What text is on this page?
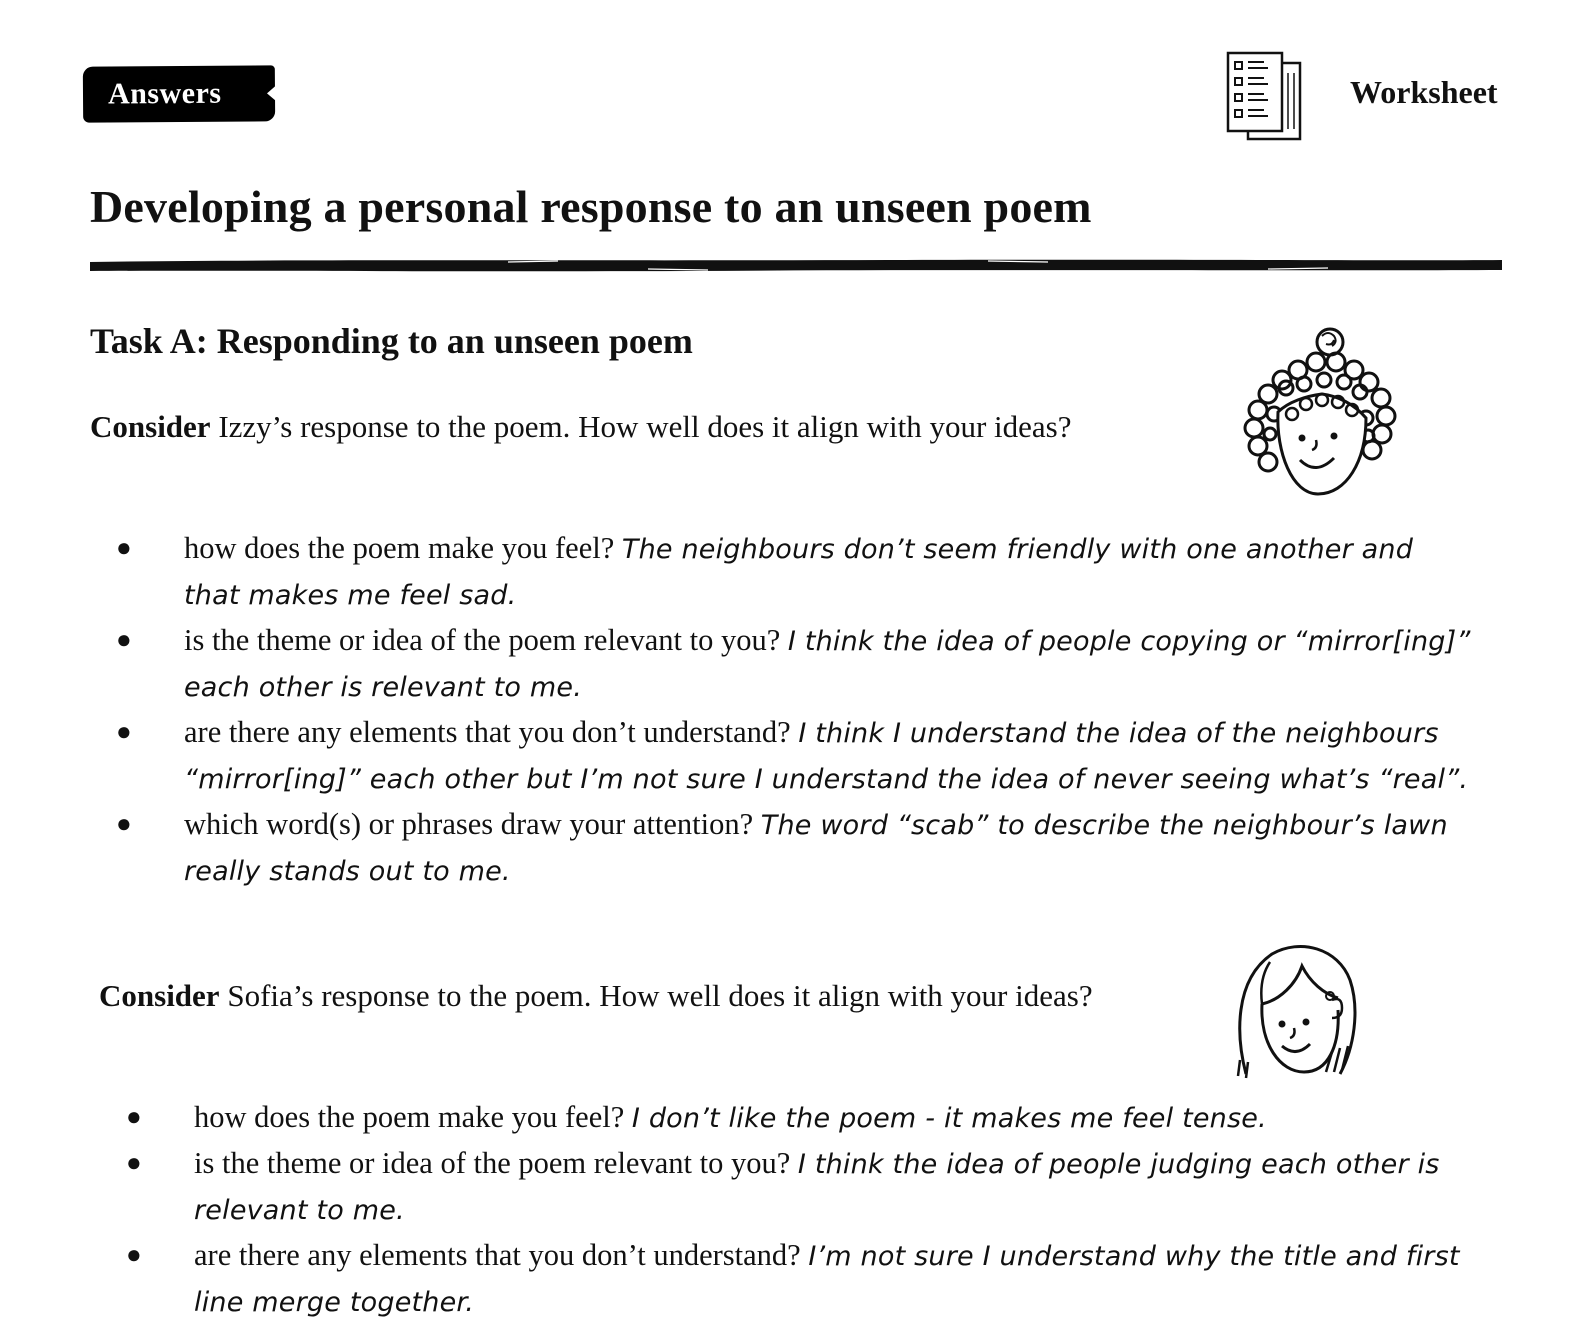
Answers	Worksheet
Developing a personal response to an unseen poem
Task A: Responding to an unseen poem
Consider Izzy’s response to the poem. How well does it align with your ideas?
● how does the poem make you feel? The neighbours don’t seem friendly with one another and that makes me feel sad.
● is the theme or idea of the poem relevant to you? I think the idea of people copying or “mirror[ing]” each other is relevant to me.
● are there any elements that you don’t understand? I think I understand the idea of the neighbours “mirror[ing]” each other but I’m not sure I understand the idea of never seeing what’s “real”.
● which word(s) or phrases draw your attention? The word “scab” to describe the neighbour’s lawn really stands out to me.
Consider Sofia’s response to the poem. How well does it align with your ideas?
● how does the poem make you feel? I don’t like the poem - it makes me feel tense.
● is the theme or idea of the poem relevant to you? I think the idea of people judging each other is relevant to me.
● are there any elements that you don’t understand? I’m not sure I understand why the title and first line merge together.
